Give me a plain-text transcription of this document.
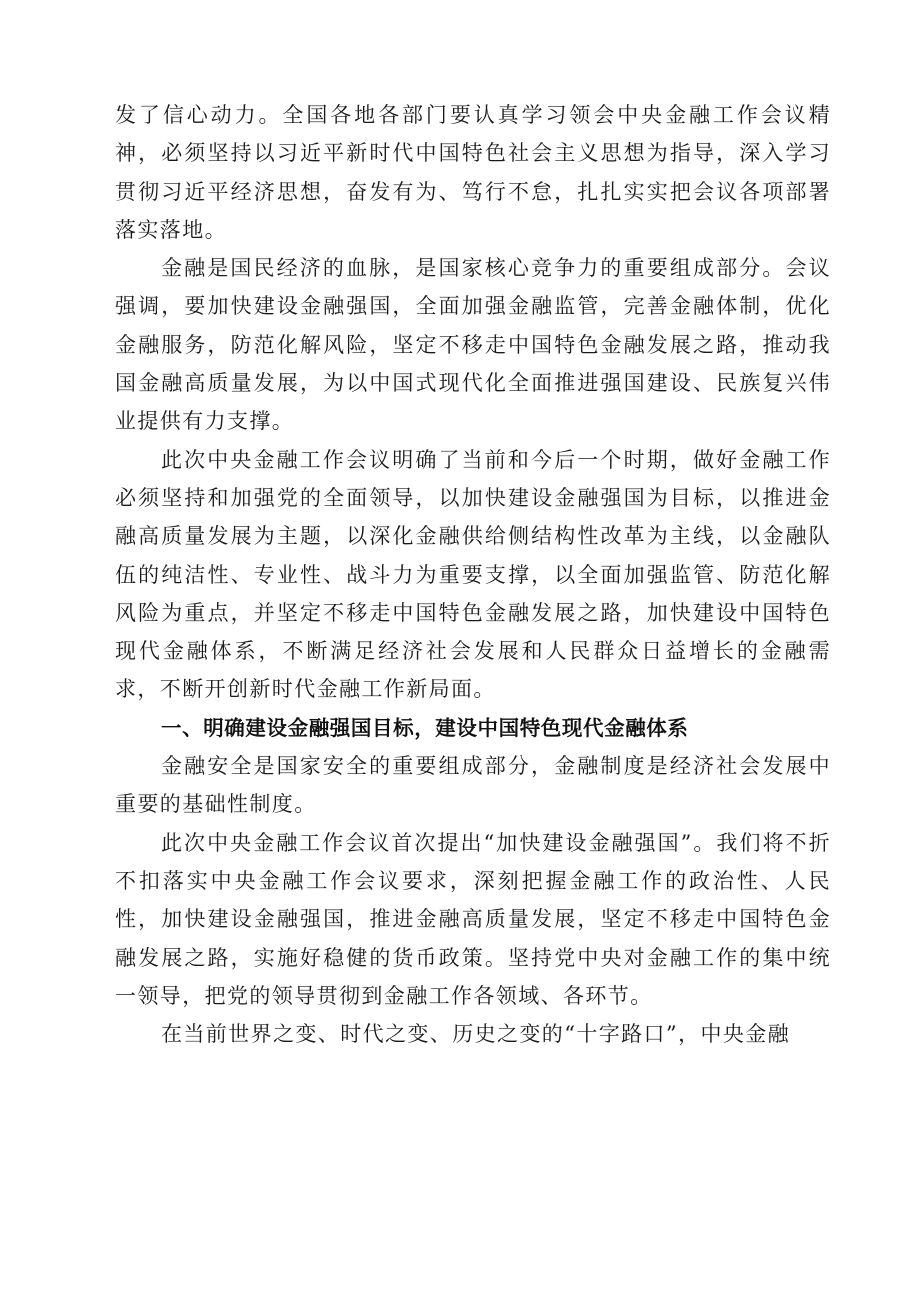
发了信心动力。全国各地各部门要认真学习领会中央金融工作会议精神，必须坚持以习近平新时代中国特色社会主义思想为指导，深入学习贯彻习近平经济思想，奋发有为、笃行不怠，扎扎实实把会议各项部署落实落地。

金融是国民经济的血脉，是国家核心竞争力的重要组成部分。会议强调，要加快建设金融强国，全面加强金融监管，完善金融体制，优化金融服务，防范化解风险，坚定不移走中国特色金融发展之路，推动我国金融高质量发展，为以中国式现代化全面推进强国建设、民族复兴伟业提供有力支撑。

此次中央金融工作会议明确了当前和今后一个时期，做好金融工作必须坚持和加强党的全面领导，以加快建设金融强国为目标，以推进金融高质量发展为主题，以深化金融供给侧结构性改革为主线，以金融队伍的纯洁性、专业性、战斗力为重要支撑，以全面加强监管、防范化解风险为重点，并坚定不移走中国特色金融发展之路，加快建设中国特色现代金融体系，不断满足经济社会发展和人民群众日益增长的金融需求，不断开创新时代金融工作新局面。

一、明确建设金融强国目标，建设中国特色现代金融体系

金融安全是国家安全的重要组成部分，金融制度是经济社会发展中重要的基础性制度。

此次中央金融工作会议首次提出“加快建设金融强国”。我们将不折不扣落实中央金融工作会议要求，深刻把握金融工作的政治性、人民性，加快建设金融强国，推进金融高质量发展，坚定不移走中国特色金融发展之路，实施好稳健的货币政策。坚持党中央对金融工作的集中统一领导，把党的领导贯彻到金融工作各领域、各环节。

在当前世界之变、时代之变、历史之变的“十字路口”，中央金融
